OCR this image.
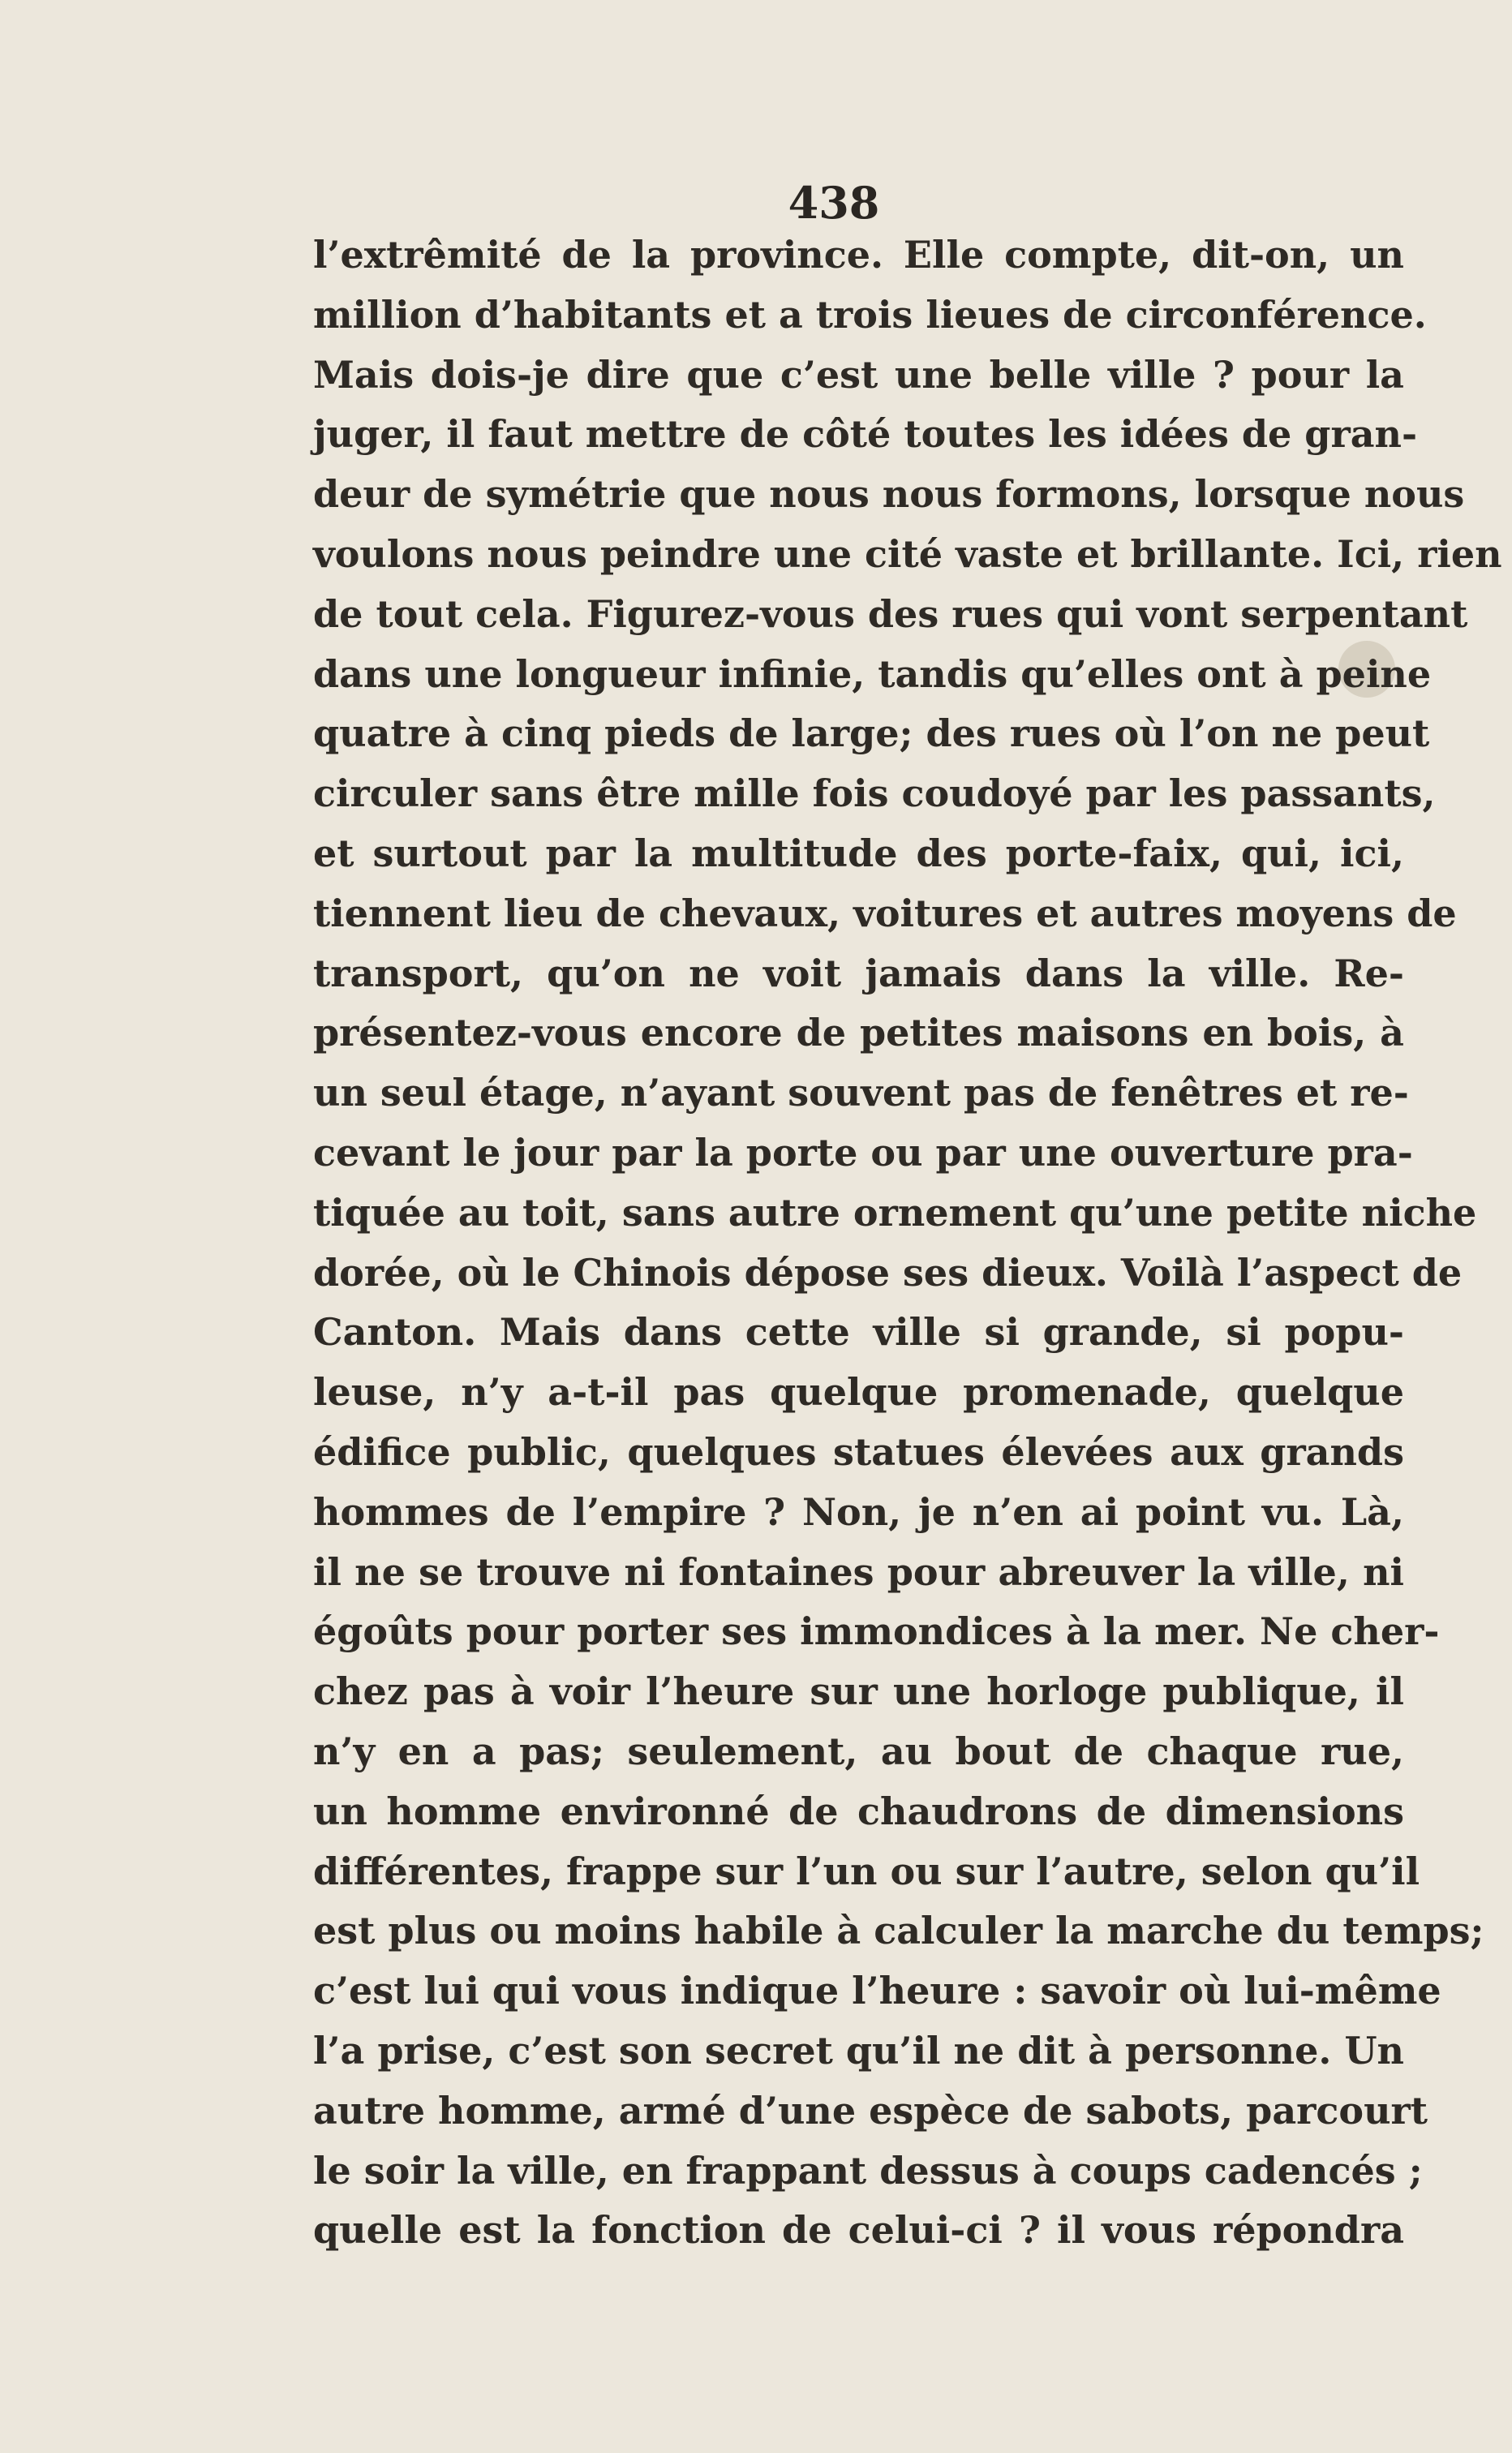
438
l’extrêmité de la province. Elle compte, dit-on, un
million d’habitants et a trois lieues de circonférence.
Mais dois-je dire que c’est une belle ville ? pour la
juger, il faut mettre de côté toutes les idées de gran-
deur de symétrie que nous nous formons, lorsque nous
voulons nous peindre une cité vaste et brillante. Ici, rien
de tout cela. Figurez-vous des rues qui vont serpentant
dans une longueur infinie, tandis qu’elles ont à peine
quatre à cinq pieds de large; des rues où l’on ne peut
circuler sans être mille fois coudoyé par les passants,
et surtout par la multitude des porte-faix, qui, ici,
tiennent lieu de chevaux, voitures et autres moyens de
transport, qu’on ne voit jamais dans la ville. Re-
présentez-vous encore de petites maisons en bois, à
un seul étage, n’ayant souvent pas de fenêtres et re-
cevant le jour par la porte ou par une ouverture pra-
tiquée au toit, sans autre ornement qu’une petite niche
dorée, où le Chinois dépose ses dieux. Voilà l’aspect de
Canton. Mais dans cette ville si grande, si popu-
leuse, n’y a-t-il pas quelque promenade, quelque
édifice public, quelques statues élevées aux grands
hommes de l’empire ? Non, je n’en ai point vu. Là,
il ne se trouve ni fontaines pour abreuver la ville, ni
égoûts pour porter ses immondices à la mer. Ne cher-
chez pas à voir l’heure sur une horloge publique, il
n’y en a pas; seulement, au bout de chaque rue,
un homme environné de chaudrons de dimensions
différentes, frappe sur l’un ou sur l’autre, selon qu’il
est plus ou moins habile à calculer la marche du temps;
c’est lui qui vous indique l’heure : savoir où lui-même
l’a prise, c’est son secret qu’il ne dit à personne. Un
autre homme, armé d’une espèce de sabots, parcourt
le soir la ville, en frappant dessus à coups cadencés ;
quelle est la fonction de celui-ci ? il vous répondra
